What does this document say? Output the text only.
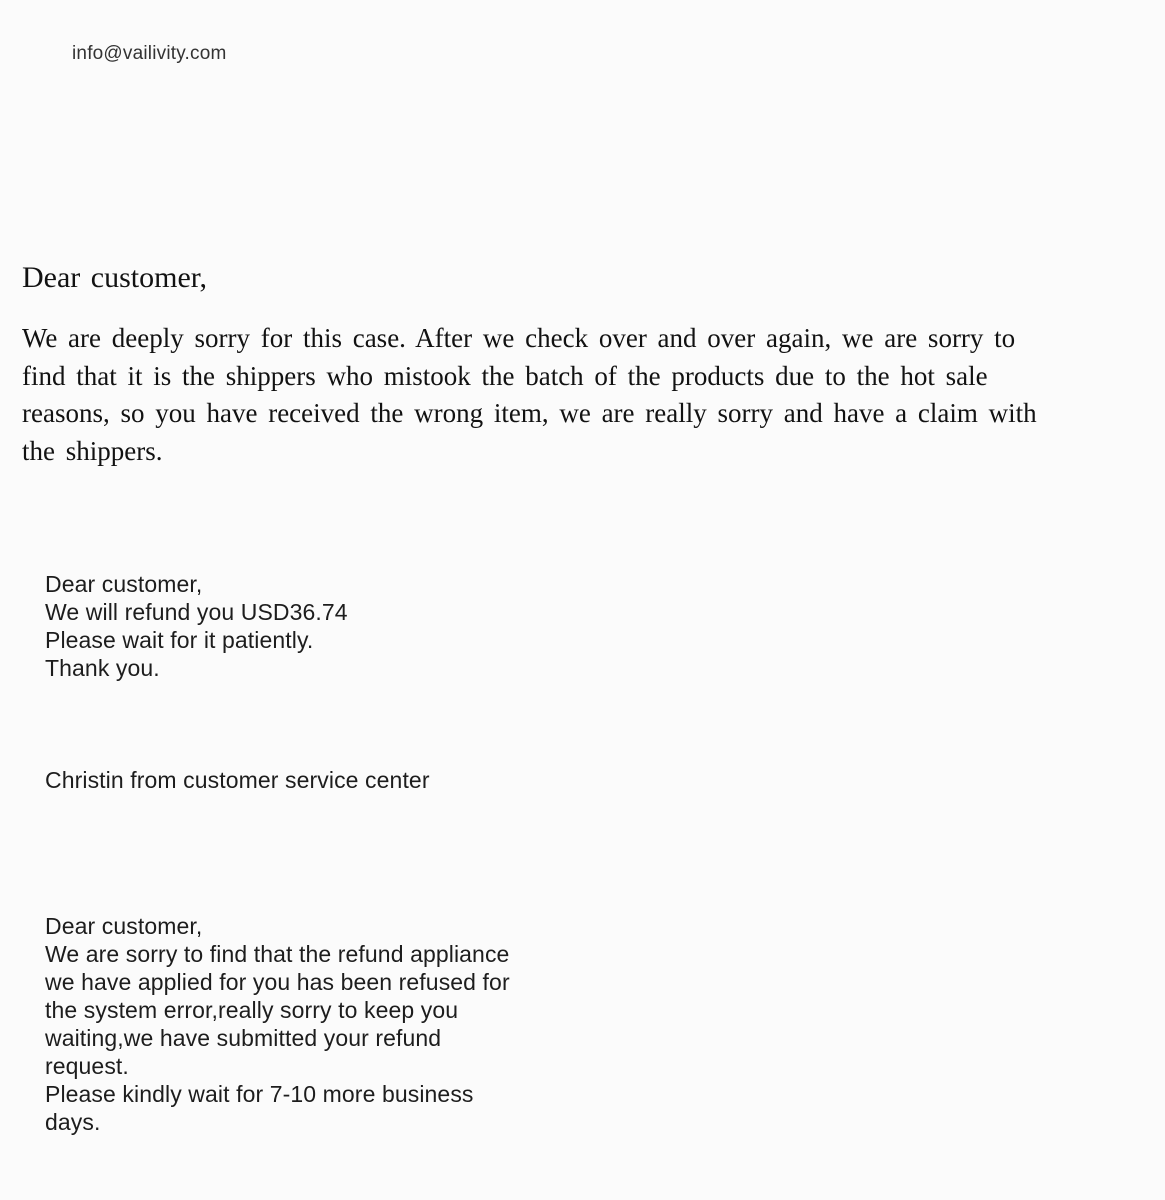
info@vailivity.com
Dear customer,
We are deeply sorry for this case. After we check over and over again, we are sorry to
find that it is the shippers who mistook the batch of the products due to the hot sale
reasons, so you have received the wrong item, we are really sorry and have a claim with
the shippers.
Dear customer,
We will refund you USD36.74
Please wait for it patiently.
Thank you.
Christin from customer service center
Dear customer,
We are sorry to find that the refund appliance
we have applied for you has been refused for
the system error,really sorry to keep you
waiting,we have submitted your refund
request.
Please kindly wait for 7-10 more business
days.
